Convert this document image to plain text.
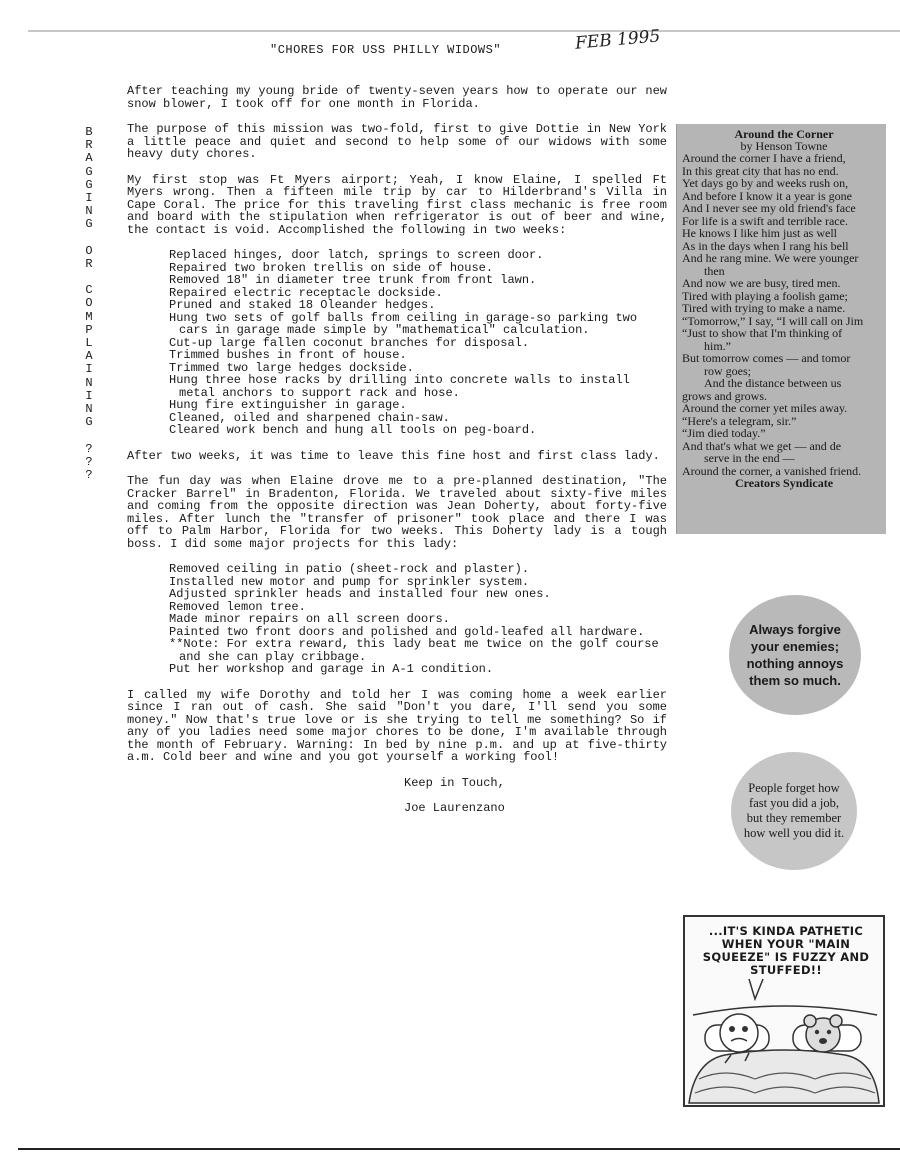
"CHORES FOR USS PHILLY WIDOWS"	FEB 1995
B
R
A
G
G
I
N
G
O
R
C
O
M
P
L
A
I
N
I
N
G
?
?
?

After teaching my young bride of twenty-seven years how to operate our new snow blower, I took off for one month in Florida.

The purpose of this mission was two-fold, first to give Dottie in New York a little peace and quiet and second to help some of our widows with some heavy duty chores.

My first stop was Ft Myers airport; Yeah, I know Elaine, I spelled Ft Myers wrong. Then a fifteen mile trip by car to Hilderbrand's Villa in Cape Coral. The price for this traveling first class mechanic is free room and board with the stipulation when refrigerator is out of beer and wine, the contact is void. Accomplished the following in two weeks:

Replaced hinges, door latch, springs to screen door.
Repaired two broken trellis on side of house.
Removed 18" in diameter tree trunk from front lawn.
Repaired electric receptacle dockside.
Pruned and staked 18 Oleander hedges.
Hung two sets of golf balls from ceiling in garage-so parking two cars in garage made simple by "mathematical" calculation.
Cut-up large fallen coconut branches for disposal.
Trimmed bushes in front of house.
Trimmed two large hedges dockside.
Hung three hose racks by drilling into concrete walls to install metal anchors to support rack and hose.
Hung fire extinguisher in garage.
Cleaned, oiled and sharpened chain-saw.
Cleared work bench and hung all tools on peg-board.

After two weeks, it was time to leave this fine host and first class lady.

The fun day was when Elaine drove me to a pre-planned destination, "The Cracker Barrel" in Bradenton, Florida. We traveled about sixty-five miles and coming from the opposite direction was Jean Doherty, about forty-five miles. After lunch the "transfer of prisoner" took place and there I was off to Palm Harbor, Florida for two weeks. This Doherty lady is a tough boss. I did some major projects for this lady:

Removed ceiling in patio (sheet-rock and plaster).
Installed new motor and pump for sprinkler system.
Adjusted sprinkler heads and installed four new ones.
Removed lemon tree.
Made minor repairs on all screen doors.
Painted two front doors and polished and gold-leafed all hardware.
**Note: For extra reward, this lady beat me twice on the golf course and she can play cribbage.
Put her workshop and garage in A-1 condition.

I called my wife Dorothy and told her I was coming home a week earlier since I ran out of cash. She said "Don't you dare, I'll send you some money." Now that's true love or is she trying to tell me something? So if any of you ladies need some major chores to be done, I'm available through the month of February. Warning: In bed by nine p.m. and up at five-thirty a.m. Cold beer and wine and you got yourself a working fool!

Keep in Touch,

Joe Laurenzano

Around the Corner
by Henson Towne
Around the corner I have a friend,
In this great city that has no end.
Yet days go by and weeks rush on,
And before I know it a year is gone
And I never see my old friend's face
For life is a swift and terrible race.
He knows I like him just as well
As in the days when I rang his bell
And he rang mine. We were younger
then
And now we are busy, tired men.
Tired with playing a foolish game;
Tired with trying to make a name.
“Tomorrow,” I say, “I will call on Jim
“Just to show that I'm thinking of
him.”
But tomorrow comes — and tomor
row goes;
And the distance between us
grows and grows.
Around the corner yet miles away.
“Here's a telegram, sir.”
“Jim died today.”
And that's what we get — and de
serve in the end —
Around the corner, a vanished friend.
Creators Syndicate
Always forgive your enemies; nothing annoys them so much.
People forget how fast you did a job, but they remember how well you did it.
...IT'S KINDA PATHETIC WHEN YOUR "MAIN SQUEEZE" IS FUZZY AND STUFFED!!
